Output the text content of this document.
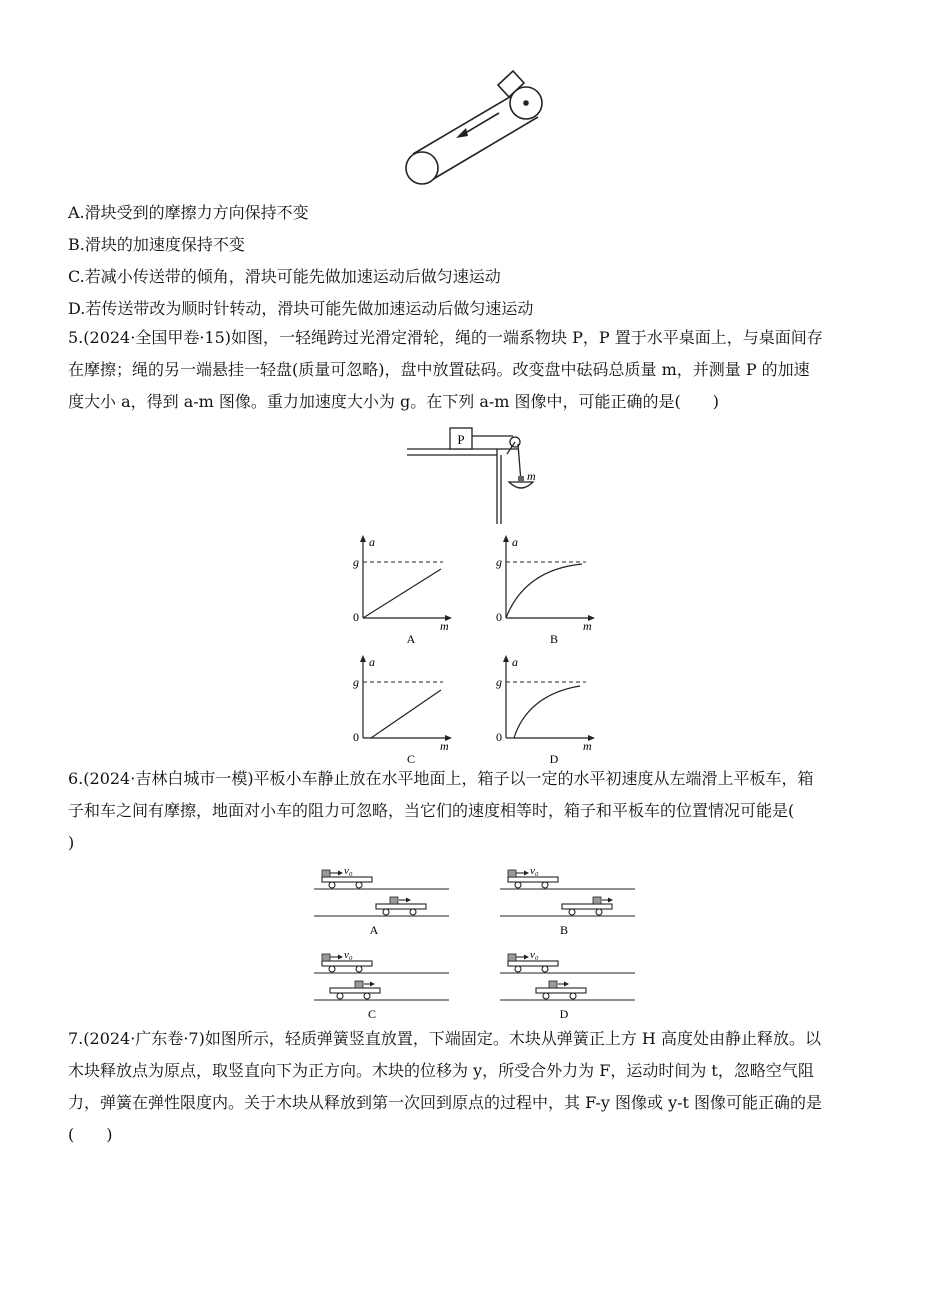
A.滑块受到的摩擦力方向保持不变
B.滑块的加速度保持不变
C.若减小传送带的倾角，滑块可能先做加速运动后做匀速运动
D.若传送带改为顺时针转动，滑块可能先做加速运动后做匀速运动
5.(2024·全国甲卷·15)如图，一轻绳跨过光滑定滑轮，绳的一端系物块 P，P 置于水平桌面上，与桌面间存
在摩擦；绳的另一端悬挂一轻盘(质量可忽略)，盘中放置砝码。改变盘中砝码总质量 m，并测量 P 的加速
度大小 a，得到 a-m 图像。重力加速度大小为 g。在下列 a-m 图像中，可能正确的是(　　)
P
m
a
g
0
m
A
a
g
0
m
B
a
g
0
m
C
a
g
0
m
D
6.(2024·吉林白城市一模)平板小车静止放在水平地面上，箱子以一定的水平初速度从左端滑上平板车，箱
子和车之间有摩擦，地面对小车的阻力可忽略，当它们的速度相等时，箱子和平板车的位置情况可能是(
)
v₀
A
v₀
B
v₀
C
v₀
D
7.(2024·广东卷·7)如图所示，轻质弹簧竖直放置，下端固定。木块从弹簧正上方 H 高度处由静止释放。以
木块释放点为原点，取竖直向下为正方向。木块的位移为 y，所受合外力为 F，运动时间为 t，忽略空气阻
力，弹簧在弹性限度内。关于木块从释放到第一次回到原点的过程中，其 F-y 图像或 y-t 图像可能正确的是
(　　)
